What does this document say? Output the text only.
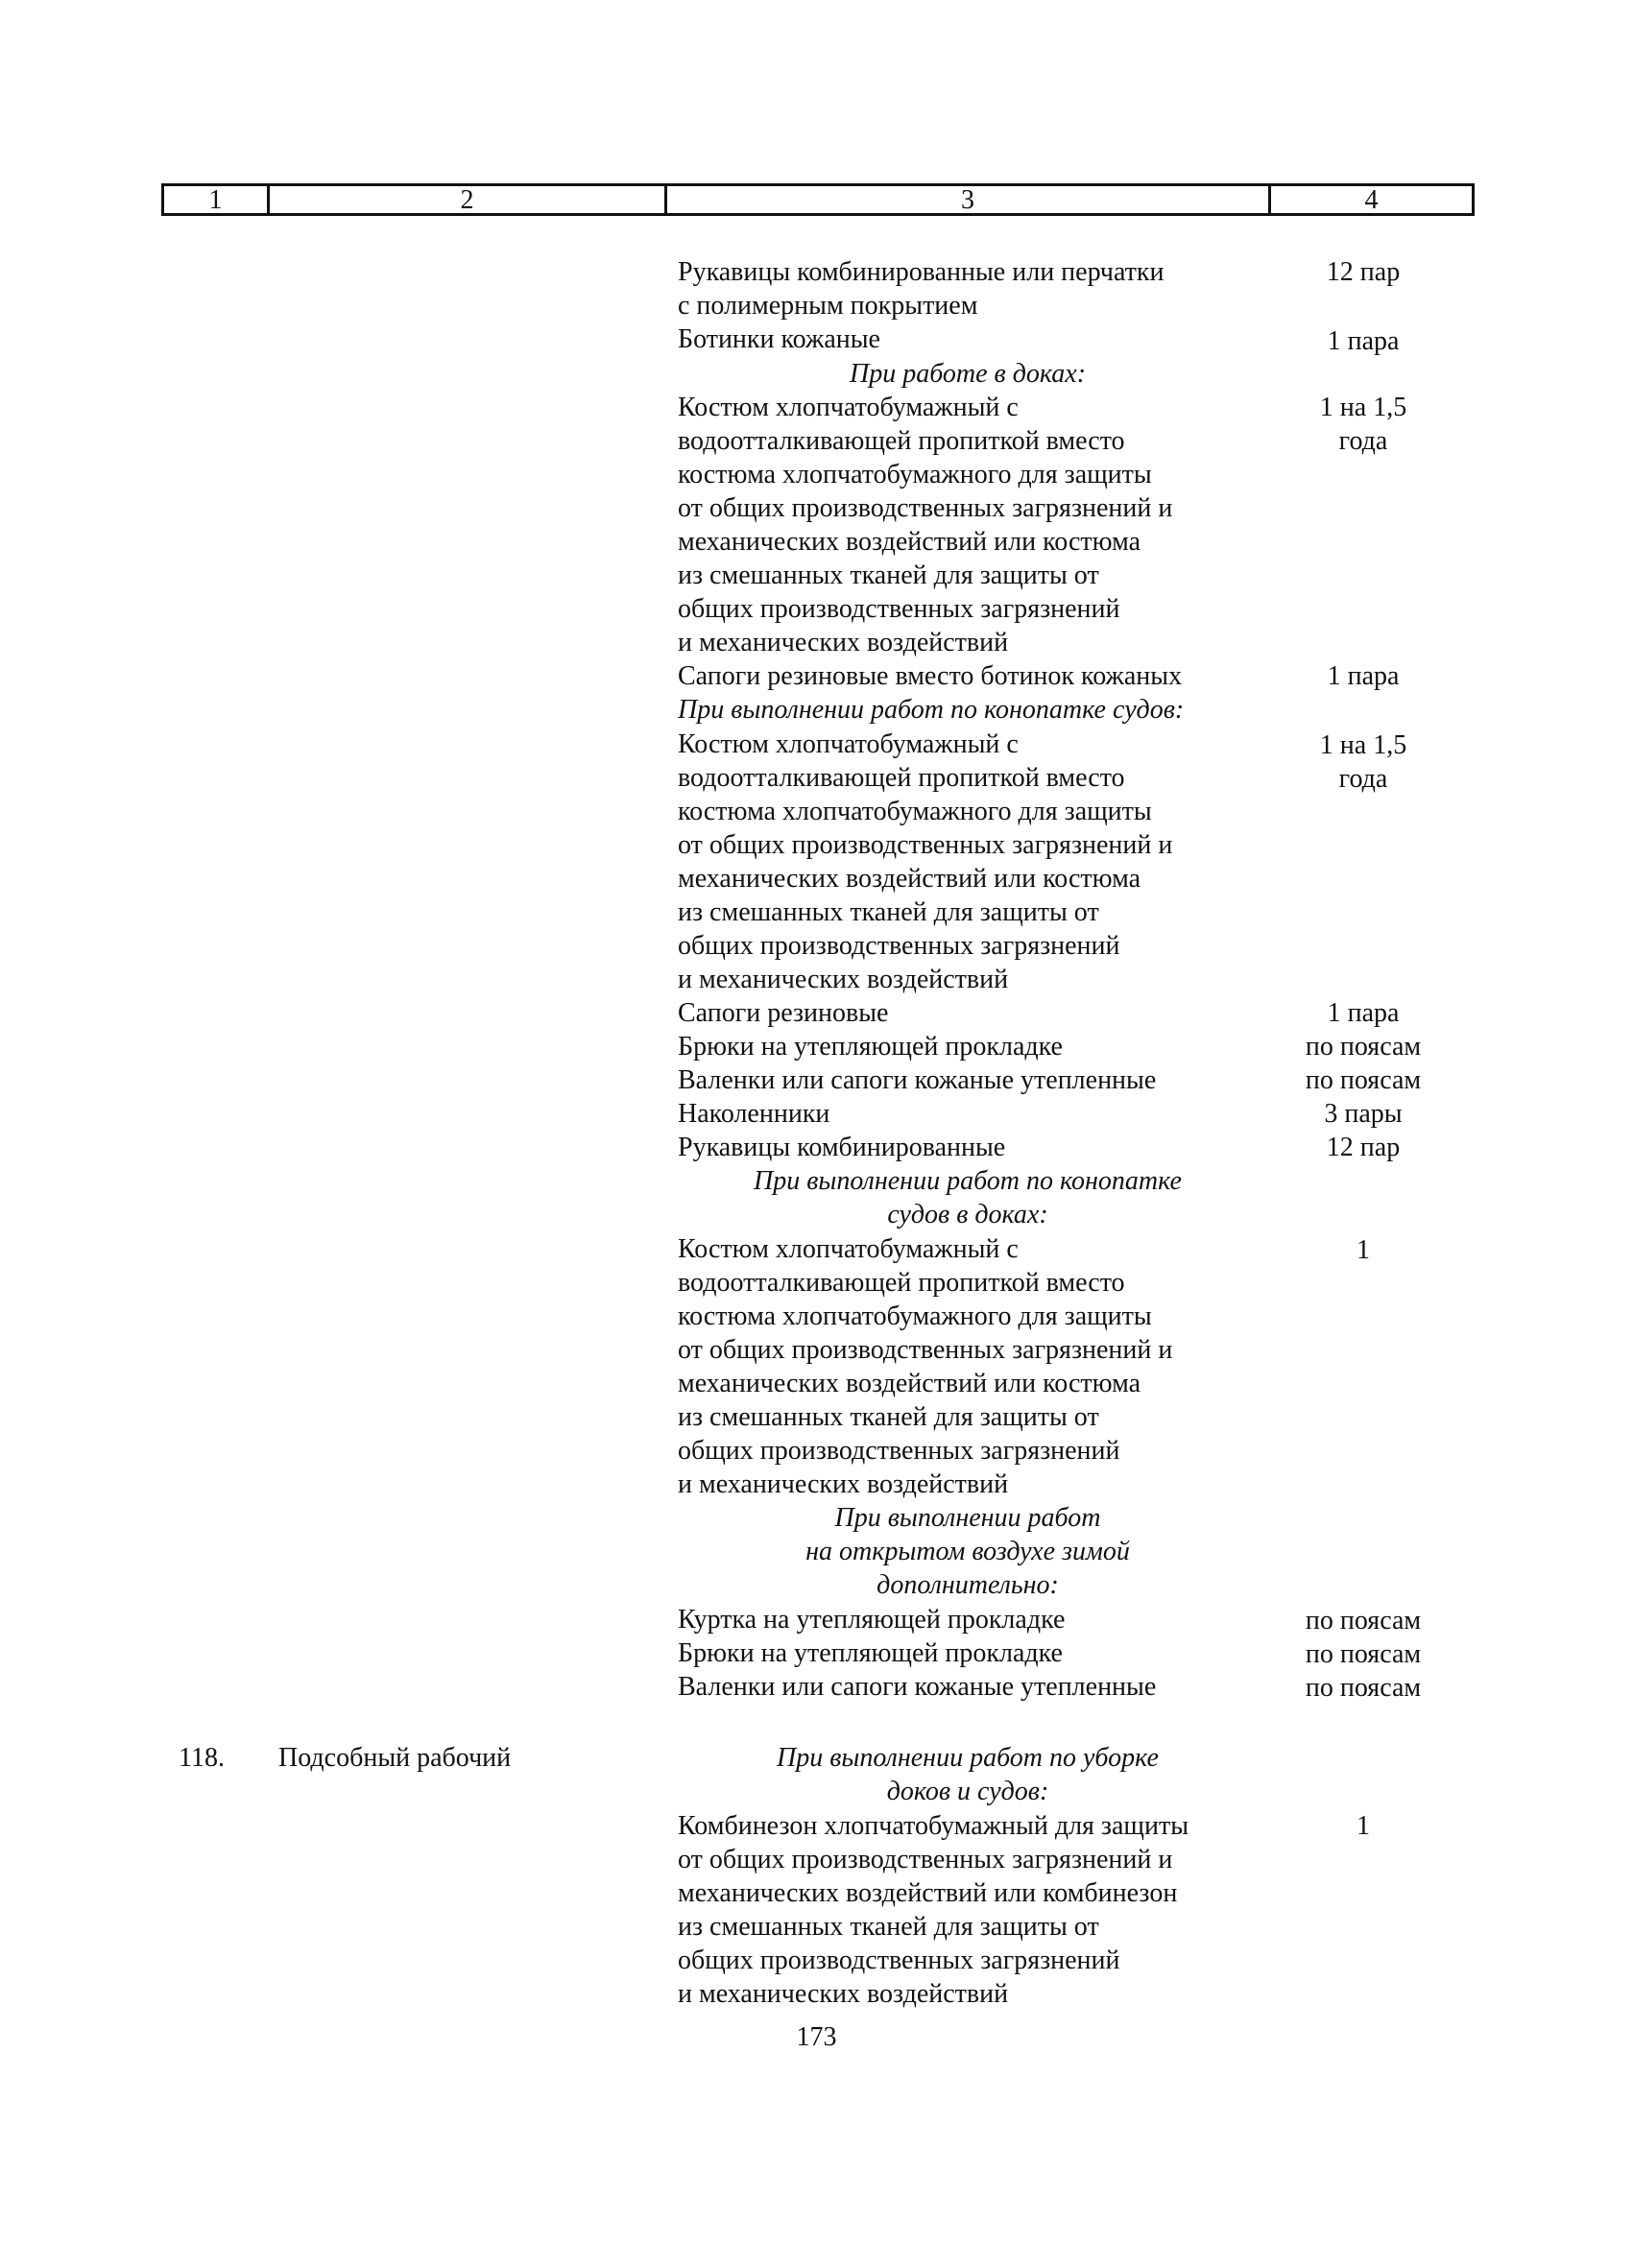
1	2	3	4
Рукавицы комбинированные или перчатки	12 пар
с полимерным покрытием
Ботинки кожаные	1 пара
При работе в доках:
Костюм хлопчатобумажный с	1 на 1,5
водоотталкивающей пропиткой вместо	года
костюма хлопчатобумажного для защиты
от общих производственных загрязнений и
механических воздействий или костюма
из смешанных тканей для защиты от
общих производственных загрязнений
и механических воздействий
Сапоги резиновые вместо ботинок кожаных	1 пара
При выполнении работ по конопатке судов:
Костюм хлопчатобумажный с	1 на 1,5
водоотталкивающей пропиткой вместо	года
костюма хлопчатобумажного для защиты
от общих производственных загрязнений и
механических воздействий или костюма
из смешанных тканей для защиты от
общих производственных загрязнений
и механических воздействий
Сапоги резиновые	1 пара
Брюки на утепляющей прокладке	по поясам
Валенки или сапоги кожаные утепленные	по поясам
Наколенники	3 пары
Рукавицы комбинированные	12 пар
При выполнении работ по конопатке
судов в доках:
Костюм хлопчатобумажный с	1
водоотталкивающей пропиткой вместо
костюма хлопчатобумажного для защиты
от общих производственных загрязнений и
механических воздействий или костюма
из смешанных тканей для защиты от
общих производственных загрязнений
и механических воздействий
При выполнении работ
на открытом воздухе зимой
дополнительно:
Куртка на утепляющей прокладке	по поясам
Брюки на утепляющей прокладке	по поясам
Валенки или сапоги кожаные утепленные	по поясам
118. Подсобный рабочий	При выполнении работ по уборке
доков и судов:
Комбинезон хлопчатобумажный для защиты	1
от общих производственных загрязнений и
механических воздействий или комбинезон
из смешанных тканей для защиты от
общих производственных загрязнений
и механических воздействий
173
